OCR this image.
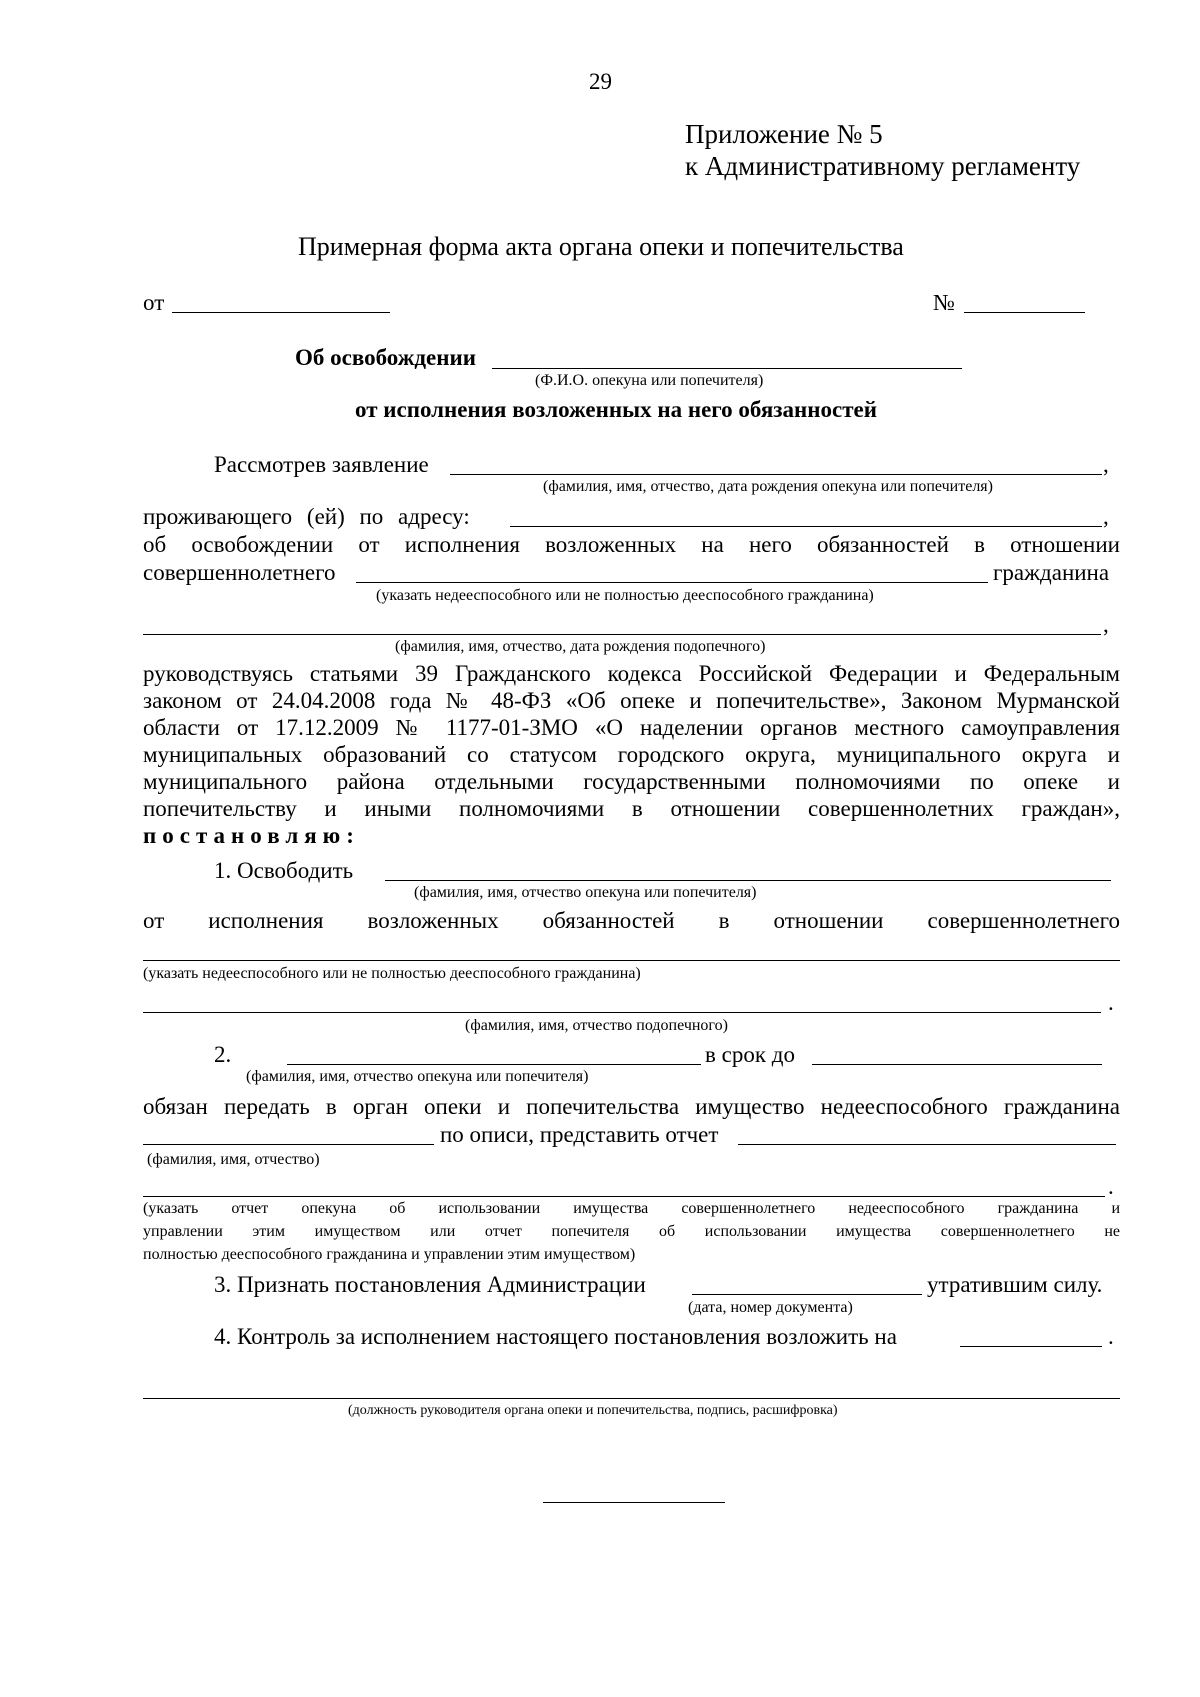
29
Приложение № 5
к Административному регламенту
Примерная форма акта органа опеки и попечительства
от	№
Об освобождении
(Ф.И.О. опекуна или попечителя)
от исполнения возложенных на него обязанностей
Рассмотрев заявление	,
(фамилия, имя, отчество, дата рождения опекуна или попечителя)
проживающего (ей) по адресу:	,
об освобождении от исполнения возложенных на него обязанностей в отношении
совершеннолетнего	гражданина
(указать недееспособного или не полностью дееспособного гражданина)
,
(фамилия, имя, отчество, дата рождения подопечного)
руководствуясь статьями 39 Гражданского кодекса Российской Федерации и Федеральным
законом от 24.04.2008 года № 48-ФЗ «Об опеке и попечительстве», Законом Мурманской
области от 17.12.2009 № 1177-01-ЗМО «О наделении органов местного самоуправления
муниципальных образований со статусом городского округа, муниципального округа и
муниципального района отдельными государственными полномочиями по опеке и
попечительству и иными полномочиями в отношении совершеннолетних граждан»,
постановляю:
1. Освободить
(фамилия, имя, отчество опекуна или попечителя)
от исполнения возложенных обязанностей в отношении совершеннолетнего
(указать недееспособного или не полностью дееспособного гражданина)
.
(фамилия, имя, отчество подопечного)
2.	в срок до
(фамилия, имя, отчество опекуна или попечителя)
обязан передать в орган опеки и попечительства имущество недееспособного гражданина
по описи, представить отчет
(фамилия, имя, отчество)
.
(указать отчет опекуна об использовании имущества совершеннолетнего недееспособного гражданина и
управлении этим имуществом или отчет попечителя об использовании имущества совершеннолетнего не
полностью дееспособного гражданина и управлении этим имуществом)
3. Признать постановления Администрации	утратившим силу.
(дата, номер документа)
4. Контроль за исполнением настоящего постановления возложить на	.
(должность руководителя органа опеки и попечительства, подпись, расшифровка)
